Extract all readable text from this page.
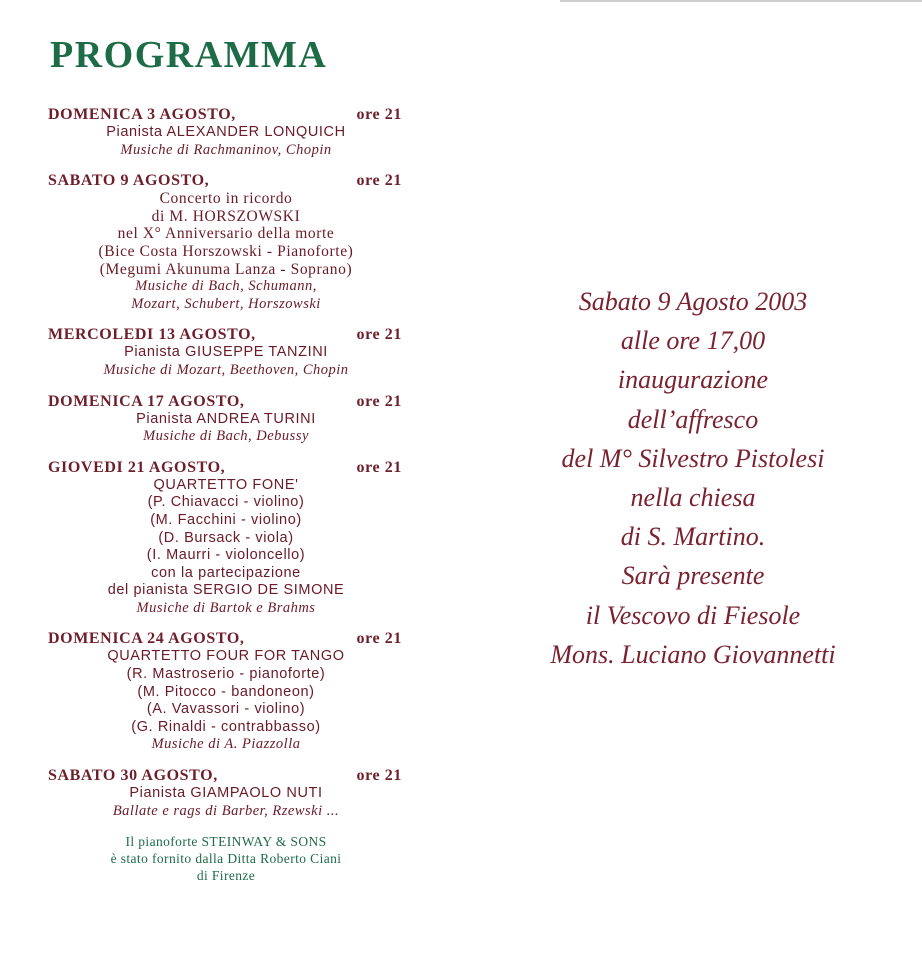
PROGRAMMA
DOMENICA 3 AGOSTO,	ore 21
Pianista ALEXANDER LONQUICH
Musiche di Rachmaninov, Chopin
SABATO 9 AGOSTO,	ore 21
Concerto in ricordo
di M. HORSZOWSKI
nel X° Anniversario della morte
(Bice Costa Horszowski - Pianoforte)
(Megumi Akunuma Lanza - Soprano)
Musiche di Bach, Schumann,
Mozart, Schubert, Horszowski
MERCOLEDI 13 AGOSTO,	ore 21
Pianista GIUSEPPE TANZINI
Musiche di Mozart, Beethoven, Chopin
DOMENICA 17 AGOSTO,	ore 21
Pianista ANDREA TURINI
Musiche di Bach, Debussy
GIOVEDI 21 AGOSTO,	ore 21
QUARTETTO FONE'
(P. Chiavacci - violino)
(M. Facchini - violino)
(D. Bursack - viola)
(I. Maurri - violoncello)
con la partecipazione
del pianista SERGIO DE SIMONE
Musiche di Bartok e Brahms
DOMENICA 24 AGOSTO,	ore 21
QUARTETTO FOUR FOR TANGO
(R. Mastroserio - pianoforte)
(M. Pitocco - bandoneon)
(A. Vavassori - violino)
(G. Rinaldi - contrabbasso)
Musiche di A. Piazzolla
SABATO 30 AGOSTO,	ore 21
Pianista GIAMPAOLO NUTI
Ballate e rags di Barber, Rzewski ...
Il pianoforte STEINWAY & SONS
è stato fornito dalla Ditta Roberto Ciani
di Firenze
Sabato 9 Agosto 2003
alle ore 17,00
inaugurazione
dell’affresco
del M° Silvestro Pistolesi
nella chiesa
di S. Martino.
Sarà presente
il Vescovo di Fiesole
Mons. Luciano Giovannetti
